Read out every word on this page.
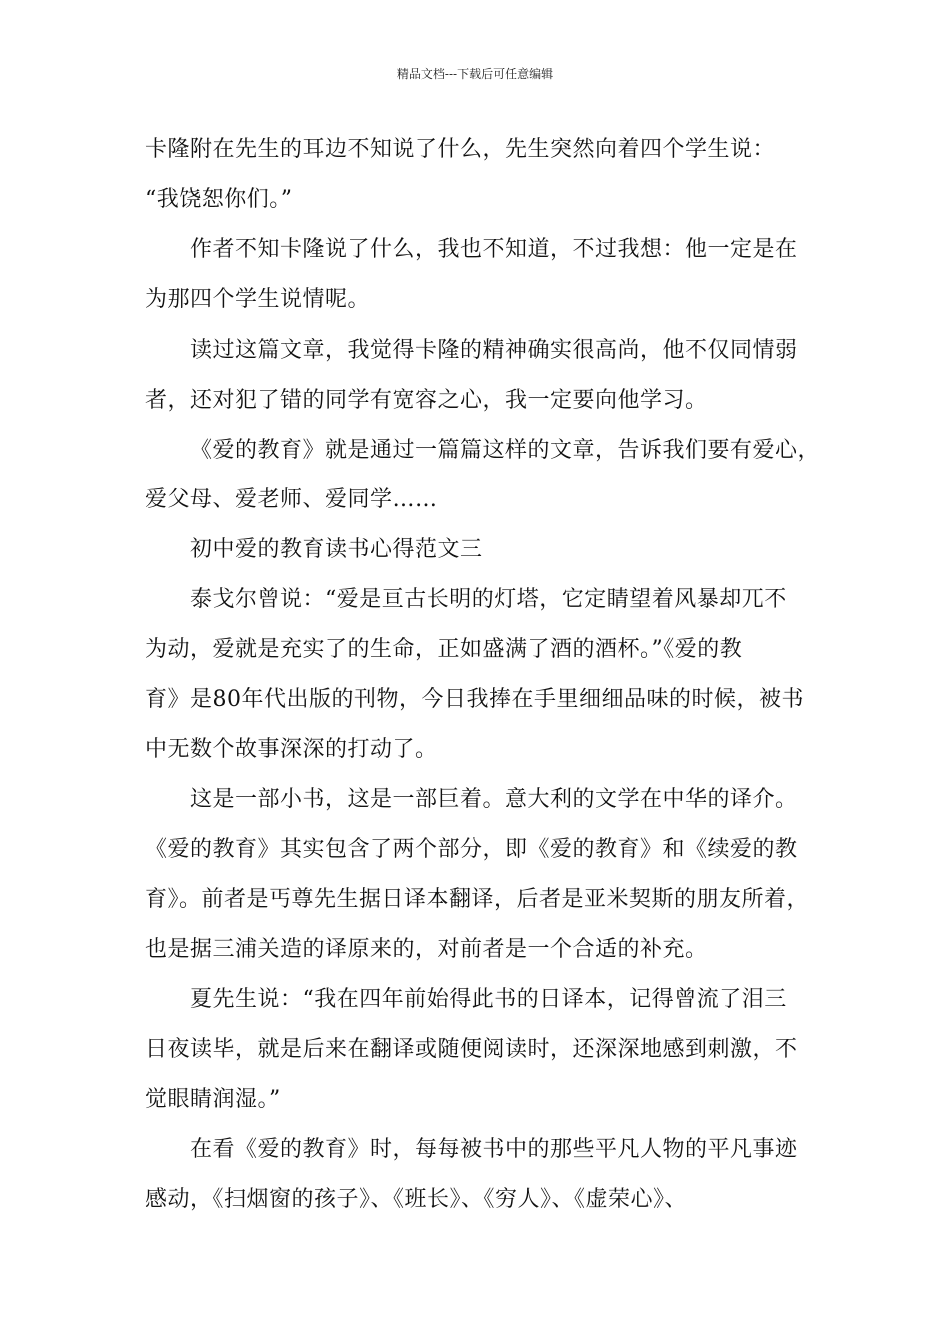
精品文档---下载后可任意编辑
卡隆附在先生的耳边不知说了什么，先生突然向着四个学生说：
“我饶恕你们。”
作者不知卡隆说了什么，我也不知道，不过我想：他一定是在
为那四个学生说情呢。
读过这篇文章，我觉得卡隆的精神确实很高尚，他不仅同情弱
者，还对犯了错的同学有宽容之心，我一定要向他学习。
《爱的教育》就是通过一篇篇这样的文章，告诉我们要有爱心，
爱父母、爱老师、爱同学……
初中爱的教育读书心得范文三
泰戈尔曾说：“爱是亘古长明的灯塔，它定睛望着风暴却兀不
为动，爱就是充实了的生命，正如盛满了酒的酒杯。”《爱的教
育》是80年代出版的刊物，今日我捧在手里细细品味的时候，被书
中无数个故事深深的打动了。
这是一部小书，这是一部巨着。意大利的文学在中华的译介。
《爱的教育》其实包含了两个部分，即《爱的教育》和《续爱的教
育》。前者是丐尊先生据日译本翻译，后者是亚米契斯的朋友所着，
也是据三浦关造的译原来的，对前者是一个合适的补充。
夏先生说：“我在四年前始得此书的日译本，记得曾流了泪三
日夜读毕，就是后来在翻译或随便阅读时，还深深地感到刺激，不
觉眼睛润湿。”
在看《爱的教育》时，每每被书中的那些平凡人物的平凡事迹
感动，《扫烟窗的孩子》、《班长》、《穷人》、《虚荣心》、
